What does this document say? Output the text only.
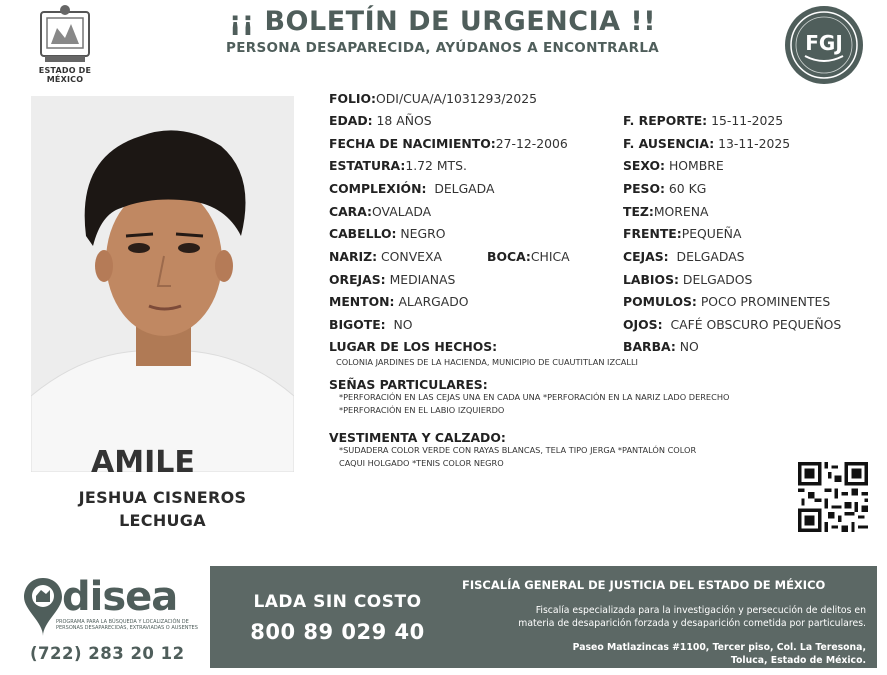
ESTADO DE MÉXICO
¡¡ BOLETÍN DE URGENCIA !!
PERSONA DESAPARECIDA, AYÚDANOS A ENCONTRARLA	FGJ
AMILE
JESHUA CISNEROS
LECHUGA
FOLIO:ODI/CUA/A/1031293/2025
EDAD: 18 AÑOS	F. REPORTE: 15-11-2025
FECHA DE NACIMIENTO:27-12-2006	F. AUSENCIA: 13-11-2025
ESTATURA:1.72 MTS.	SEXO: HOMBRE
COMPLEXIÓN: DELGADA	PESO: 60 KG
CARA:OVALADA	TEZ:MORENA
CABELLO: NEGRO	FRENTE:PEQUEÑA
NARIZ: CONVEXA	BOCA:CHICA	CEJAS: DELGADAS
OREJAS: MEDIANAS	LABIOS: DELGADOS
MENTON: ALARGADO	POMULOS: POCO PROMINENTES
BIGOTE: NO	OJOS: CAFÉ OBSCURO PEQUEÑOS
LUGAR DE LOS HECHOS:	BARBA: NO
COLONIA JARDINES DE LA HACIENDA, MUNICIPIO DE CUAUTITLAN IZCALLI
SEÑAS PARTICULARES:
*PERFORACIÓN EN LAS CEJAS UNA EN CADA UNA *PERFORACIÓN EN LA NARIZ LADO DERECHO
*PERFORACIÓN EN EL LABIO IZQUIERDO
VESTIMENTA Y CALZADO:
*SUDADERA COLOR VERDE CON RAYAS BLANCAS, TELA TIPO JERGA *PANTALÓN COLOR
CAQUI HOLGADO *TENIS COLOR NEGRO
disea
PROGRAMA PARA LA BÚSQUEDA Y LOCALIZACIÓN DE PERSONAS DESAPARECIDAS, EXTRAVIADAS O AUSENTES
(722) 283 20 12
LADA SIN COSTO
800 89 029 40
FISCALÍA GENERAL DE JUSTICIA DEL ESTADO DE MÉXICO
Fiscalía especializada para la investigación y persecución de delitos en
materia de desaparición forzada y desaparición cometida por particulares.
Paseo Matlazincas #1100, Tercer piso, Col. La Teresona,
Toluca, Estado de México.
